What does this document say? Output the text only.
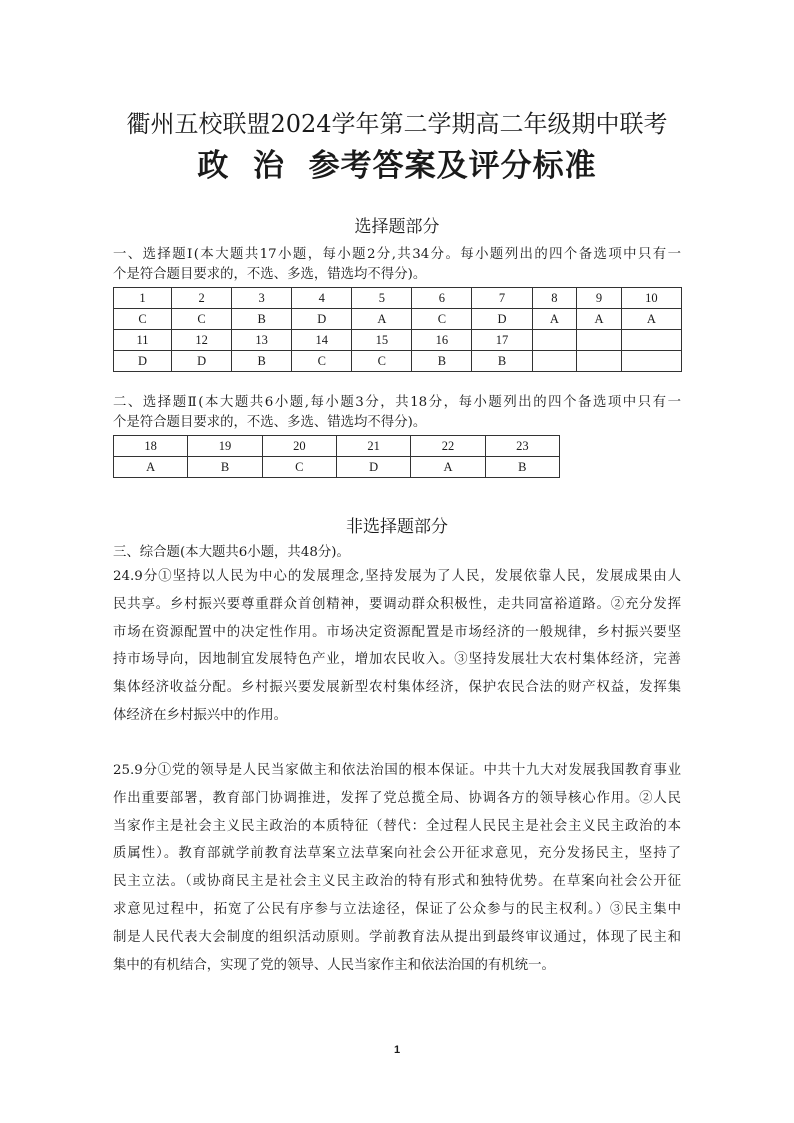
衢州五校联盟2024学年第二学期高二年级期中联考
政  治  参考答案及评分标准
选择题部分
一、选择题Ⅰ(本大题共17小题，每小题2分,共34分。每小题列出的四个备选项中只有一
个是符合题目要求的，不选、多选，错选均不得分)。
1	2	3	4	5	6	7	8	9	10
C	C	B	D	A	C	D	A	A	A
11	12	13	14	15	16	17			
D	D	B	C	C	B	B			
二、选择题Ⅱ(本大题共6小题,每小题3分，共18分，每小题列出的四个备选项中只有一
个是符合题目要求的，不选、多选、错选均不得分)。
18	19	20	21	22	23
A	B	C	D	A	B
非选择题部分
三、综合题(本大题共6小题，共48分)。
24.9分①坚持以人民为中心的发展理念,坚持发展为了人民，发展依靠人民，发展成果由人
民共享。乡村振兴要尊重群众首创精神，要调动群众积极性，走共同富裕道路。②充分发挥
市场在资源配置中的决定性作用。市场决定资源配置是市场经济的一般规律，乡村振兴要坚
持市场导向，因地制宜发展特色产业，增加农民收入。③坚持发展壮大农村集体经济，完善
集体经济收益分配。乡村振兴要发展新型农村集体经济，保护农民合法的财产权益，发挥集
体经济在乡村振兴中的作用。
25.9分①党的领导是人民当家做主和依法治国的根本保证。中共十九大对发展我国教育事业
作出重要部署，教育部门协调推进，发挥了党总揽全局、协调各方的领导核心作用。②人民
当家作主是社会主义民主政治的本质特征（替代：全过程人民民主是社会主义民主政治的本
质属性）。教育部就学前教育法草案立法草案向社会公开征求意见，充分发扬民主，坚持了
民主立法。（或协商民主是社会主义民主政治的特有形式和独特优势。在草案向社会公开征
求意见过程中，拓宽了公民有序参与立法途径，保证了公众参与的民主权利。）③民主集中
制是人民代表大会制度的组织活动原则。学前教育法从提出到最终审议通过，体现了民主和
集中的有机结合，实现了党的领导、人民当家作主和依法治国的有机统一。
1
